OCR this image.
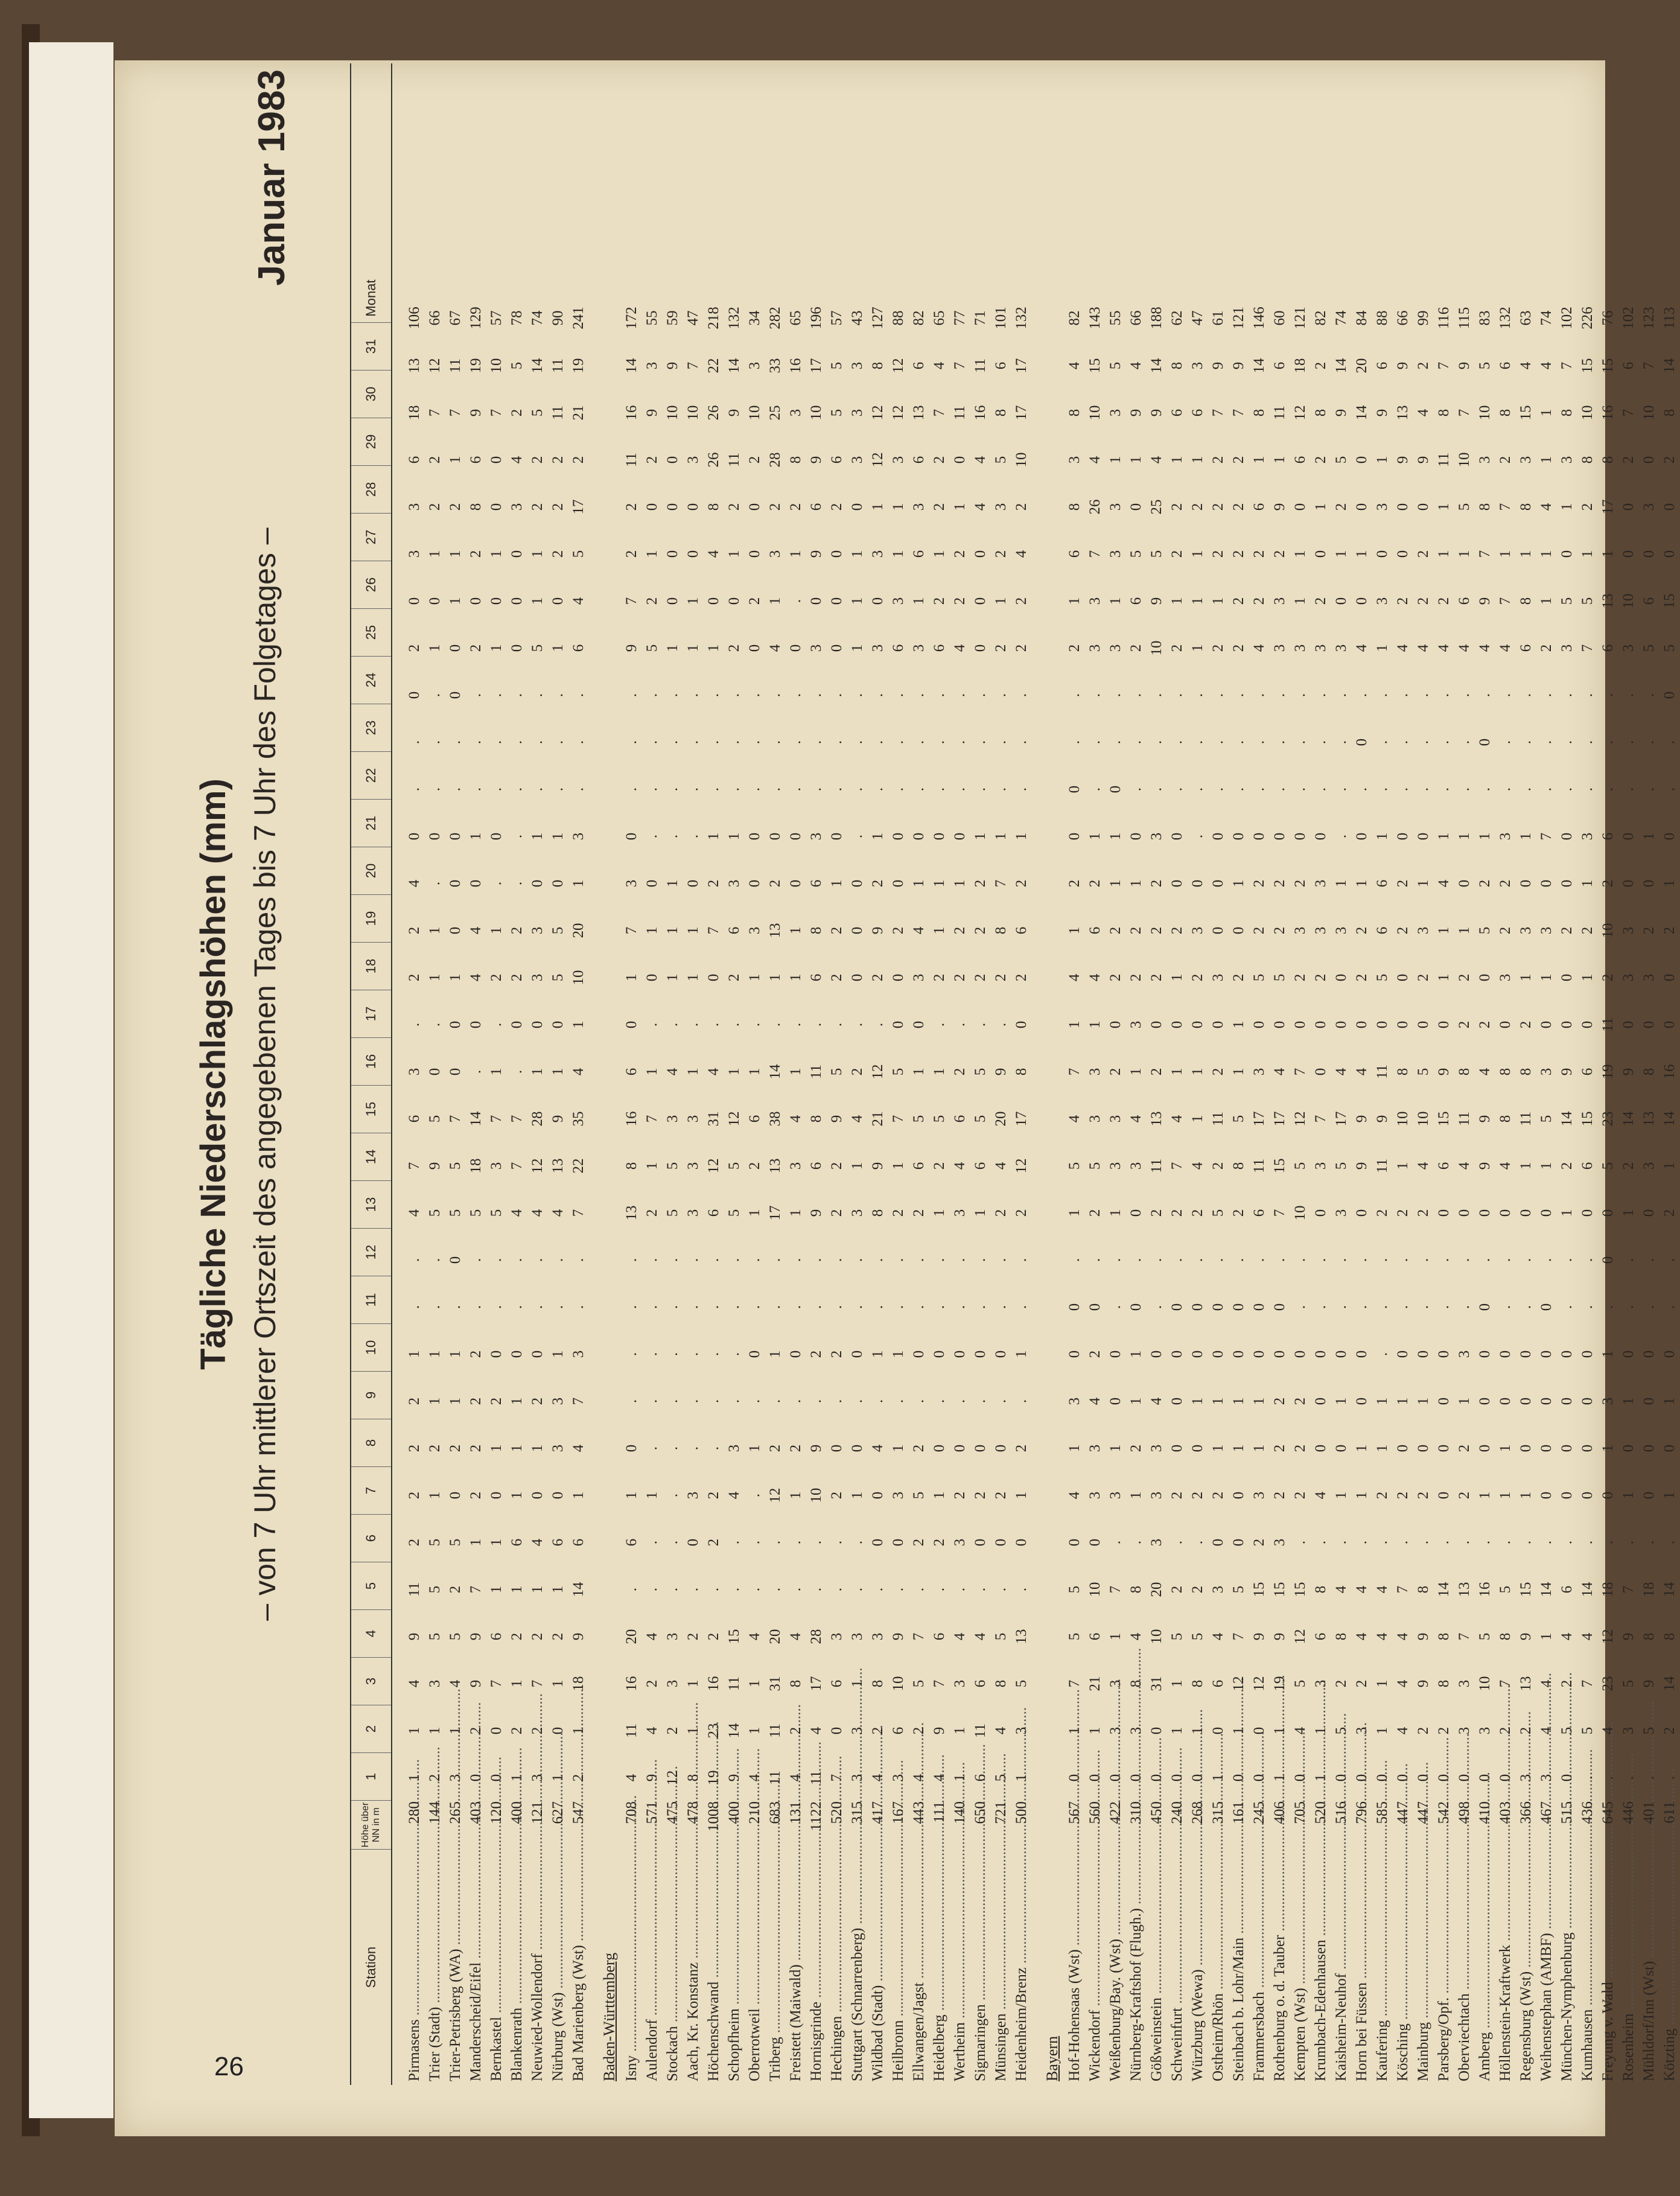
26
Tägliche Niederschlagshöhen (mm) – von 7 Uhr mittlerer Ortszeit des angegebenen Tages bis 7 Uhr des Folgetages –
Januar 1983
Station
Höhe über NN in m
1
2
3
4
5
6
7
8
9
10
11
12
13
14
15
16
17
18
19
20
21
22
23
24
25
26
27
28
29
30
31
Monat
Pirmasens .....
280
1
1
4
9
11
2
2
2
2
1
.
.
4
7
6
3
.
2
2
4
0
.
.
0
2
0
3
3
6
18
13
106
Trier (Stadt) .....
144
2
1
3
5
5
5
1
2
1
1
.
.
5
9
5
0
.
1
1
.
0
.
.
.
1
0
1
2
2
7
12
66
Trier-Petrisberg (WA) .....
265
3
1
4
5
2
5
0
2
1
1
.
0
5
5
7
0
0
1
0
0
0
.
.
0
0
1
1
2
1
7
11
67
Manderscheid/Eifel .....
403
0
2
9
9
7
1
2
2
2
2
.
.
5
18
14
.
0
4
4
0
1
.
.
.
2
0
2
8
6
9
19
129
Bernkastel .....
120
0
0
7
6
1
1
0
1
2
0
.
.
5
3
7
1
.
2
1
.
0
.
.
.
1
0
1
0
0
7
10
57
Blankenrath .....
400
1
2
1
2
1
6
1
1
1
0
.
.
4
7
7
.
0
2
2
.
.
.
.
.
0
0
0
3
4
2
5
78
Neuwied-Wollendorf .....
121
3
2
7
2
1
4
0
1
2
0
.
.
4
12
28
1
0
3
3
0
1
.
.
.
5
1
1
2
2
5
14
74
Nürburg (Wst) .....
627
1
0
1
2
1
6
0
3
3
1
.
.
4
13
9
1
0
5
5
0
1
.
.
.
1
0
2
2
2
11
11
90
Bad Marienberg (Wst) .....
547
2
1
18
9
14
6
1
4
7
3
.
.
7
22
35
4
1
10
20
1
3
.
.
.
6
4
5
17
2
21
19
241
Baden-Württemberg Isny .....
708
4
11
16
20
.
6
1
0
.
.
.
.
13
8
16
6
0
1
7
3
0
.
.
.
9
7
2
2
11
16
14
172
Aulendorf .....
571
9
4
2
4
.
.
1
.
.
.
.
.
2
1
7
1
.
0
1
0
.
.
.
.
5
2
1
0
2
9
3
55
Stockach .....
475
12
2
3
3
.
.
.
.
.
.
.
.
5
5
3
4
.
1
1
1
.
.
.
.
1
0
0
0
0
10
9
59
Aach, Kr. Konstanz .....
478
8
1
1
2
.
0
3
.
.
.
.
.
3
3
3
1
.
1
1
0
.
.
.
.
1
1
0
0
3
10
7
47
Höchenschwand .....
1008
19
23
16
2
.
2
2
.
.
.
.
.
6
12
31
4
.
0
7
2
1
.
.
.
1
0
4
8
26
26
22
218
Schopfheim .....
400
9
14
11
15
.
.
4
3
.
.
.
.
5
5
12
1
.
2
6
3
1
.
.
.
2
0
1
2
11
9
14
132
Oberrotweil .....
210
4
1
1
4
.
.
.
1
.
0
.
.
1
2
6
1
.
1
3
0
0
.
.
.
0
2
0
0
2
10
3
34
Triberg .....
683
11
11
31
20
.
.
12
2
.
1
.
.
17
13
38
14
.
1
13
2
0
.
.
.
4
1
3
2
28
25
33
282
Freistett (Maiwald) .....
131
4
2
8
4
.
.
1
2
.
0
.
.
1
3
4
1
.
1
1
0
0
.
.
.
0
.
1
2
8
3
16
65
Hornisgrinde .....
1122
11
4
17
28
.
.
10
9
.
2
.
.
9
6
8
11
.
6
8
6
3
.
.
.
3
0
9
6
9
10
17
196
Hechingen .....
520
7
0
6
3
.
.
2
0
.
2
.
.
2
2
9
5
.
2
2
1
0
.
.
.
0
0
0
2
6
5
5
57
Stuttgart (Schnarrenberg) .....
315
3
3
1
3
.
.
1
0
.
0
.
.
3
1
4
2
.
0
0
0
.
.
.
.
1
1
1
0
3
3
3
43
Wildbad (Stadt) .....
417
4
2
8
3
.
0
0
4
.
1
.
.
8
9
21
12
.
2
9
2
1
.
.
.
3
0
3
1
12
12
8
127
Heilbronn .....
167
3
6
10
9
.
0
3
1
.
1
.
.
2
1
7
5
0
0
2
0
0
.
.
.
6
3
1
1
3
12
12
88
Ellwangen/Jagst .....
443
4
2
5
7
.
2
5
2
.
0
.
.
2
6
5
1
0
3
4
1
0
.
.
.
3
1
6
3
6
13
6
82
Heidelberg .....
111
4
9
7
6
.
2
1
0
.
0
.
.
1
2
5
1
.
2
1
1
0
.
.
.
6
2
1
2
2
7
4
65
Wertheim .....
140
1
1
3
4
.
3
2
0
.
0
.
.
3
4
6
2
.
2
2
1
0
.
.
.
4
2
2
1
0
11
7
77
Sigmaringen .....
650
6
11
6
4
.
0
2
0
.
0
.
.
1
6
5
5
.
2
2
2
1
.
.
.
0
0
0
4
4
16
11
71
Münsingen .....
721
5
4
8
5
.
0
2
0
.
0
.
.
2
4
20
9
.
2
8
7
1
.
.
.
2
1
2
3
5
8
6
101
Heidenheim/Brenz .....
500
1
3
5
13
.
0
1
2
.
1
.
.
2
12
17
8
0
2
6
2
1
.
.
.
2
2
4
2
10
17
17
132
Bayern Hof-Hohensaas (Wst) .....
567
0
1
7
5
5
0
4
1
3
0
0
.
1
5
4
7
1
4
1
2
0
0
.
.
2
1
6
8
3
8
4
82
Wickendorf .....
560
0
1
21
6
10
0
3
3
4
2
0
.
2
5
3
3
1
4
6
2
1
.
.
.
3
3
7
26
4
10
15
143
Weißenburg/Bay. (Wst) .....
422
0
3
3
1
7
.
3
1
0
0
.
.
1
3
3
2
0
2
2
1
1
0
.
.
3
1
3
3
1
3
5
55
Nürnberg-Kraftshof (Flugh.) .....
310
0
3
8
4
8
.
1
2
1
1
0
.
0
3
4
1
3
2
2
1
0
.
.
.
2
6
5
0
1
9
4
66
Gößweinstein .....
450
0
0
31
10
20
3
3
3
4
0
.
.
2
11
13
2
0
2
2
2
3
.
.
.
10
9
5
25
4
9
14
188
Schweinfurt .....
240
0
1
1
5
2
.
2
0
0
0
0
.
2
7
4
1
0
1
2
0
0
.
.
.
2
1
2
2
1
6
8
62
Würzburg (Wewa) .....
268
0
1
8
5
2
.
2
0
1
0
0
.
2
4
1
1
0
2
3
0
.
.
.
.
1
1
1
2
1
6
3
47
Ostheim/Rhön .....
315
1
0
6
4
3
0
2
1
1
0
0
.
5
2
11
2
0
3
0
0
0
.
.
.
2
1
2
2
2
7
9
61
Steinbach b. Lohr/Main .....
161
0
1
12
7
5
0
0
1
1
0
0
.
2
8
5
1
1
2
0
1
0
.
.
.
2
2
2
2
2
7
9
121
Frammersbach .....
245
0
0
12
9
15
2
3
1
1
0
0
.
6
11
17
3
0
5
2
2
0
.
.
.
4
2
2
6
1
8
14
146
Rothenburg o. d. Tauber .....
406
1
1
19
9
15
3
2
2
2
0
0
.
7
15
17
4
0
5
2
2
0
.
.
.
3
3
2
9
1
11
6
60
Kempten (Wst) .....
705
0
4
5
12
15
.
2
2
2
0
.
.
10
5
12
7
0
2
3
2
0
.
.
.
3
1
1
0
6
12
18
121
Krumbach-Edenhausen .....
520
1
1
3
6
8
.
4
0
0
0
.
.
0
3
7
0
0
2
3
3
0
.
.
.
3
2
0
1
2
8
2
82
Kaisheim-Neuhof .....
516
0
5
2
8
4
.
1
0
1
0
.
.
3
5
17
4
0
0
3
1
.
.
.
.
3
0
1
2
5
9
14
74
Horn bei Füssen .....
796
0
3
2
4
4
.
1
1
0
0
.
.
0
9
9
4
0
2
2
1
0
.
0
.
4
0
1
0
0
14
20
84
Kaufering .....
585
0
1
1
4
4
.
2
1
1
.
.
.
2
11
9
11
0
5
6
6
1
.
.
.
1
3
0
3
1
9
6
88
Kösching .....
447
0
4
4
4
7
.
2
0
1
0
.
.
2
1
10
8
0
0
2
2
0
.
.
.
4
2
0
0
9
13
9
66
Mainburg .....
447
0
2
9
9
8
.
2
0
1
0
.
.
2
4
10
5
0
2
3
1
0
.
.
.
4
2
2
0
9
4
2
99
Parsberg/Opf. .....
542
0
2
8
8
14
.
0
0
0
0
.
.
0
6
15
9
0
1
1
4
1
.
.
.
4
2
1
1
11
8
7
116
Oberviechtach .....
498
0
3
3
7
13
.
2
2
1
3
.
.
0
4
11
8
2
2
1
0
1
.
.
.
4
6
1
5
10
7
9
115
Amberg .....
410
0
3
10
5
16
.
1
0
0
0
0
.
0
9
9
4
2
0
5
2
1
.
0
.
4
9
7
8
3
10
5
83
Höllenstein-Kraftwerk .....
403
0
2
7
8
5
.
1
1
0
0
.
.
0
4
8
8
0
3
2
2
3
.
.
.
4
7
1
7
2
8
6
132
Regensburg (Wst) .....
366
3
2
13
9
15
.
1
0
0
0
.
.
0
1
11
8
2
1
3
0
1
.
.
.
6
8
1
8
3
15
4
63
Weihenstephan (AMBF) .....
467
3
4
4
1
14
.
0
0
0
0
0
.
0
1
5
3
0
1
3
0
7
.
.
.
2
1
1
4
1
1
4
74
München-Nymphenburg .....
515
0
5
2
4
6
.
0
0
0
0
.
.
1
2
14
9
0
0
2
0
0
.
.
.
3
5
0
1
3
8
7
102
Kumhausen .....
436
.
5
7
4
14
.
0
0
0
0
.
.
0
6
15
6
0
1
2
1
3
.
.
.
7
5
1
2
8
10
15
226
Freyung v. Wald .....
645
.
4
23
12
18
.
0
1
3
1
.
0
0
5
23
19
11
2
10
2
6
.
.
.
6
13
1
17
8
16
15
76
Rosenheim .....
446
.
3
5
9
7
.
1
0
1
0
.
.
1
2
14
9
0
3
3
0
0
.
.
.
3
10
0
0
2
7
6
102
Mühldorf/Inn (Wst) .....
401
.
5
9
8
18
.
0
0
0
0
.
.
0
3
13
8
0
3
2
0
1
.
.
.
5
6
0
3
0
10
7
123
Kötzting .....
611
.
2
14
8
14
.
1
0
1
0
.
.
2
1
14
16
0
0
2
1
0
.
.
0
5
15
0
0
2
8
14
113
